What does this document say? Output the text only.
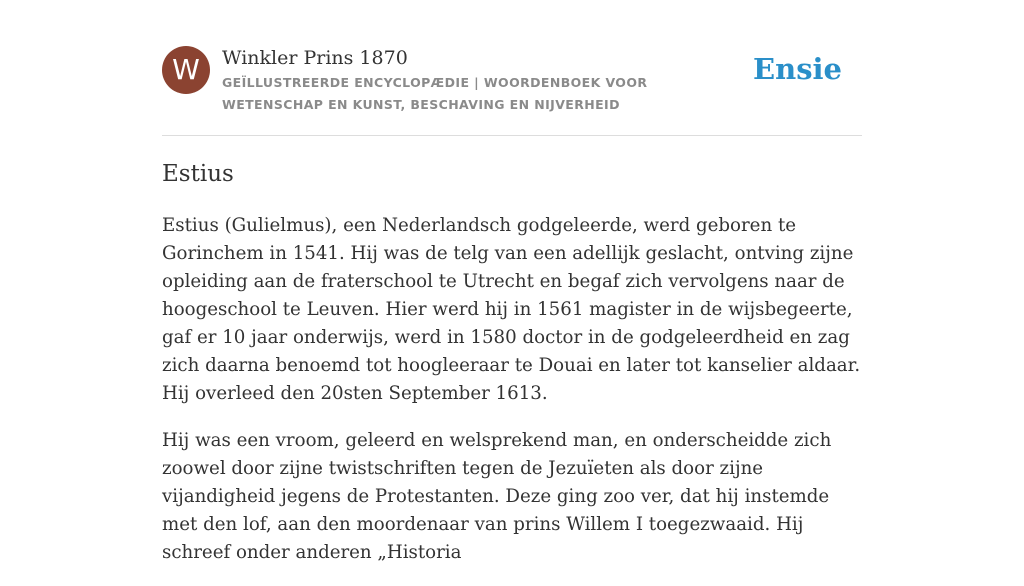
W	Winkler Prins 1870
GEÏLLUSTREERDE ENCYCLOPÆDIE | WOORDENBOEK VOOR WETENSCHAP EN KUNST, BESCHAVING EN NIJVERHEID
Ensie
Estius

Estius (Gulielmus), een Nederlandsch godgeleerde, werd geboren te Gorinchem in 1541. Hij was de telg van een adellijk geslacht, ontving zijne opleiding aan de fraterschool te Utrecht en begaf zich vervolgens naar de hoogeschool te Leuven. Hier werd hij in 1561 magister in de wijsbegeerte, gaf er 10 jaar onderwijs, werd in 1580 doctor in de godgeleerdheid en zag zich daarna benoemd tot hoogleeraar te Douai en later tot kanselier aldaar. Hij overleed den 20sten September 1613.

Hij was een vroom, geleerd en welsprekend man, en onderscheidde zich zoowel door zijne twistschriften tegen de Jezuïeten als door zijne vijandigheid jegens de Protestanten. Deze ging zoo ver, dat hij instemde met den lof, aan den moordenaar van prins Willem I toegezwaaid. Hij schreef onder anderen „Historia
